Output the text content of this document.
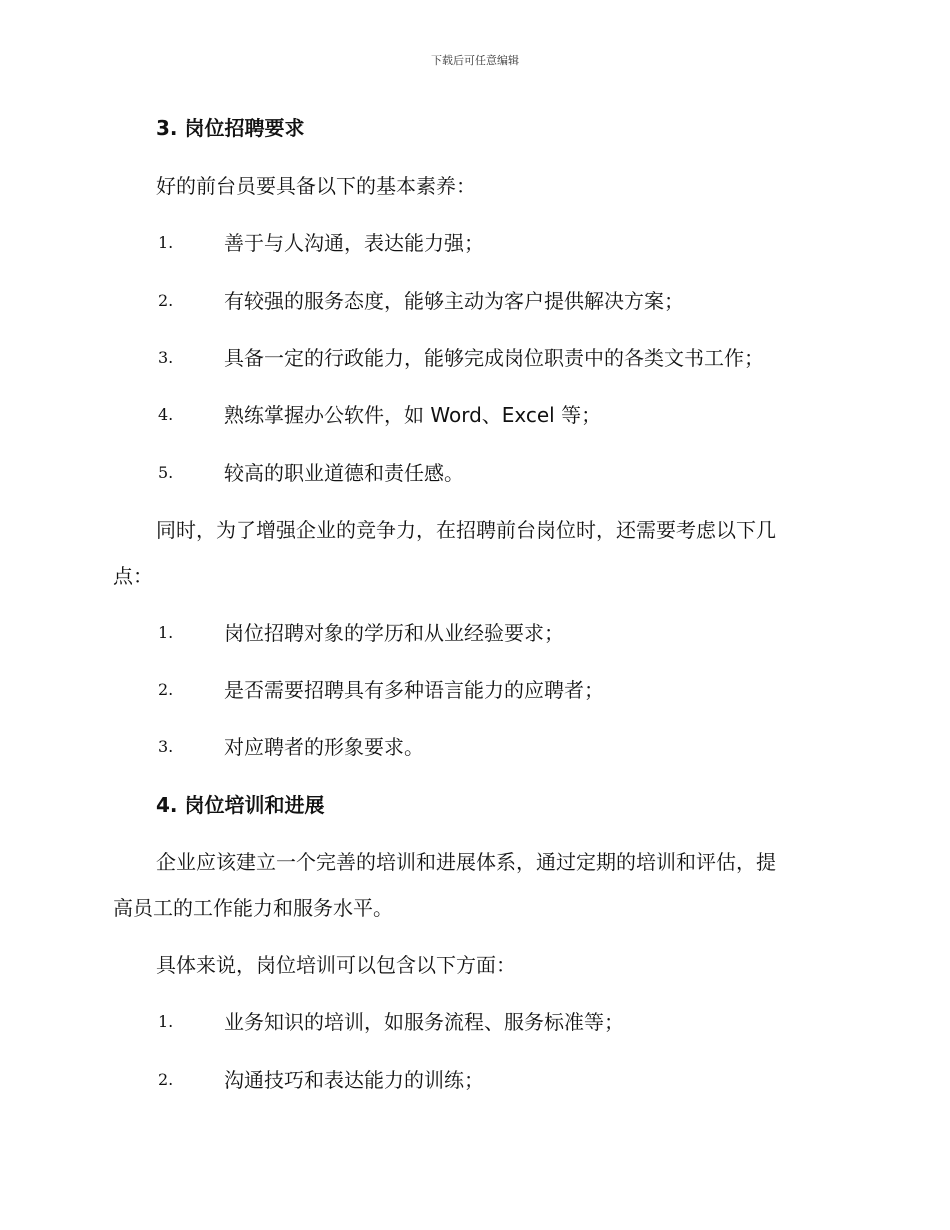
下载后可任意编辑
3. 岗位招聘要求
好的前台员要具备以下的基本素养：
1.	善于与人沟通，表达能力强；
2.	有较强的服务态度，能够主动为客户提供解决方案；
3.	具备一定的行政能力，能够完成岗位职责中的各类文书工作；
4.	熟练掌握办公软件，如 Word、Excel 等；
5.	较高的职业道德和责任感。
同时，为了增强企业的竞争力，在招聘前台岗位时，还需要考虑以下几
点：
1.	岗位招聘对象的学历和从业经验要求；
2.	是否需要招聘具有多种语言能力的应聘者；
3.	对应聘者的形象要求。
4. 岗位培训和进展
企业应该建立一个完善的培训和进展体系，通过定期的培训和评估，提
高员工的工作能力和服务水平。
具体来说，岗位培训可以包含以下方面：
1.	业务知识的培训，如服务流程、服务标准等；
2.	沟通技巧和表达能力的训练；
